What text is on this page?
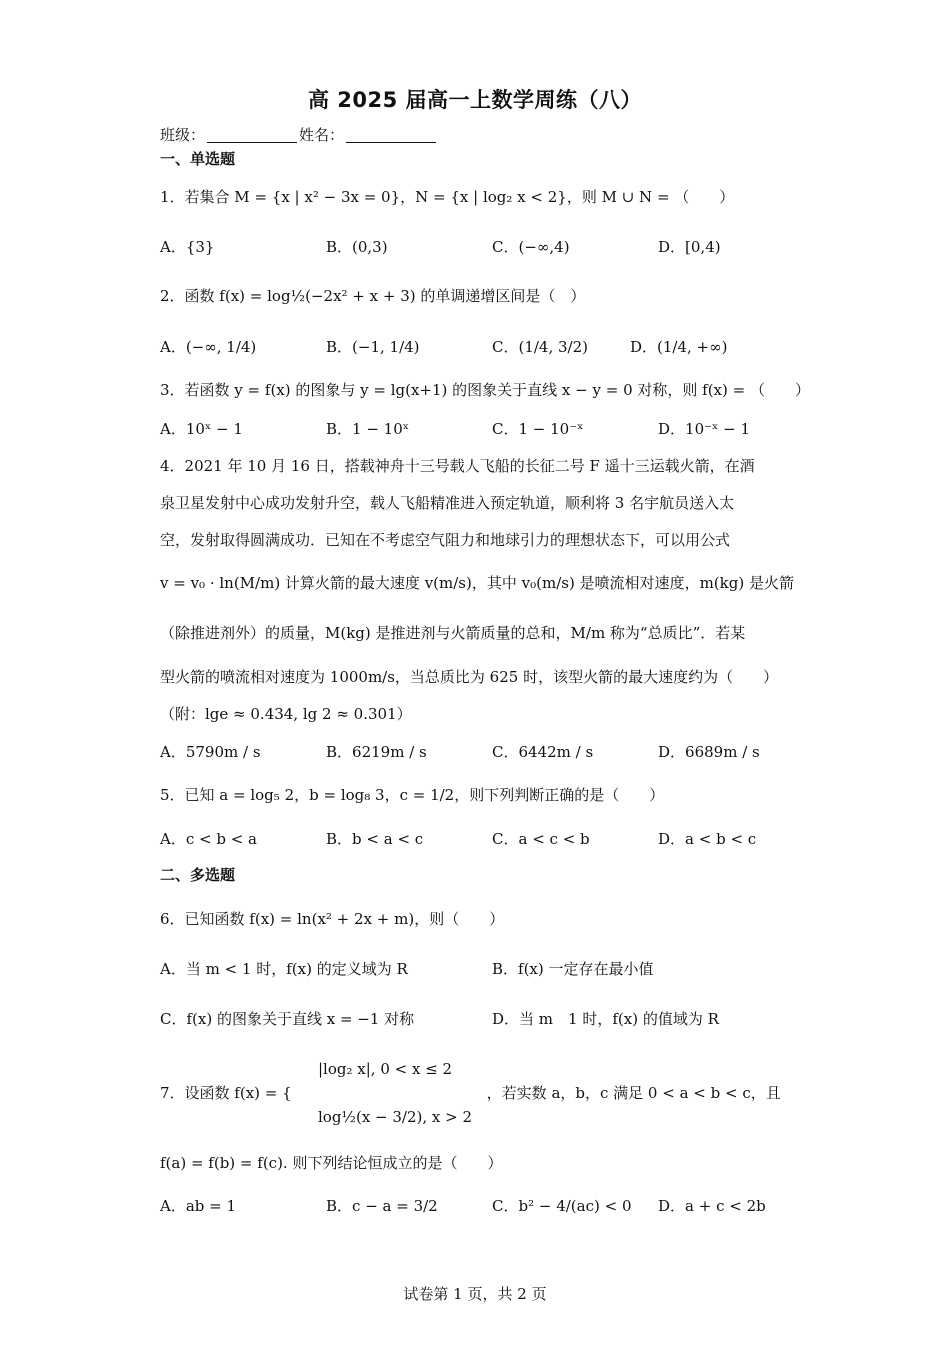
高 2025 届高一上数学周练（八）
班级：	姓名：
一、单选题
1．若集合 M = {x | x² − 3x = 0}，N = {x | log₂ x < 2}，则 M ∪ N = （　　）
A．{3}	B．(0,3)	C．(−∞,4)	D．[0,4)
2．函数 f(x) = log½(−2x² + x + 3) 的单调递增区间是（　）
A．(−∞, 1/4)	B．(−1, 1/4)	C．(1/4, 3/2)	D．(1/4, +∞)
3．若函数 y = f(x) 的图象与 y = lg(x+1) 的图象关于直线 x − y = 0 对称，则 f(x) = （　　）
A．10ˣ − 1	B．1 − 10ˣ	C．1 − 10⁻ˣ	D．10⁻ˣ − 1
4．2021 年 10 月 16 日，搭载神舟十三号载人飞船的长征二号 F 遥十三运载火箭，在酒
泉卫星发射中心成功发射升空，载人飞船精准进入预定轨道，顺利将 3 名宇航员送入太
空，发射取得圆满成功．已知在不考虑空气阻力和地球引力的理想状态下，可以用公式
v = v₀ · ln(M/m) 计算火箭的最大速度 v(m/s)，其中 v₀(m/s) 是喷流相对速度，m(kg) 是火箭
（除推进剂外）的质量，M(kg) 是推进剂与火箭质量的总和，M/m 称为“总质比”．若某
型火箭的喷流相对速度为 1000m/s，当总质比为 625 时，该型火箭的最大速度约为（　　）
（附：lge ≈ 0.434, lg 2 ≈ 0.301）
A．5790m / s	B．6219m / s	C．6442m / s	D．6689m / s
5．已知 a = log₅ 2，b = log₈ 3，c = 1/2，则下列判断正确的是（　　）
A．c < b < a	B．b < a < c	C．a < c < b	D．a < b < c
二、多选题
6．已知函数 f(x) = ln(x² + 2x + m)，则（　　）
A．当 m < 1 时，f(x) 的定义域为 R	B．f(x) 一定存在最小值
C．f(x) 的图象关于直线 x = −1 对称	D．当 m　1 时，f(x) 的值域为 R
|log₂ x|, 0 < x ≤ 2
7．设函数 f(x) = {　　　　　　　　　　　　　，若实数 a，b，c 满足 0 < a < b < c，且
log½(x − 3/2), x > 2
f(a) = f(b) = f(c). 则下列结论恒成立的是（　　）
A．ab = 1	B．c − a = 3/2	C．b² − 4/(ac) < 0 D．a + c < 2b
试卷第 1 页，共 2 页
